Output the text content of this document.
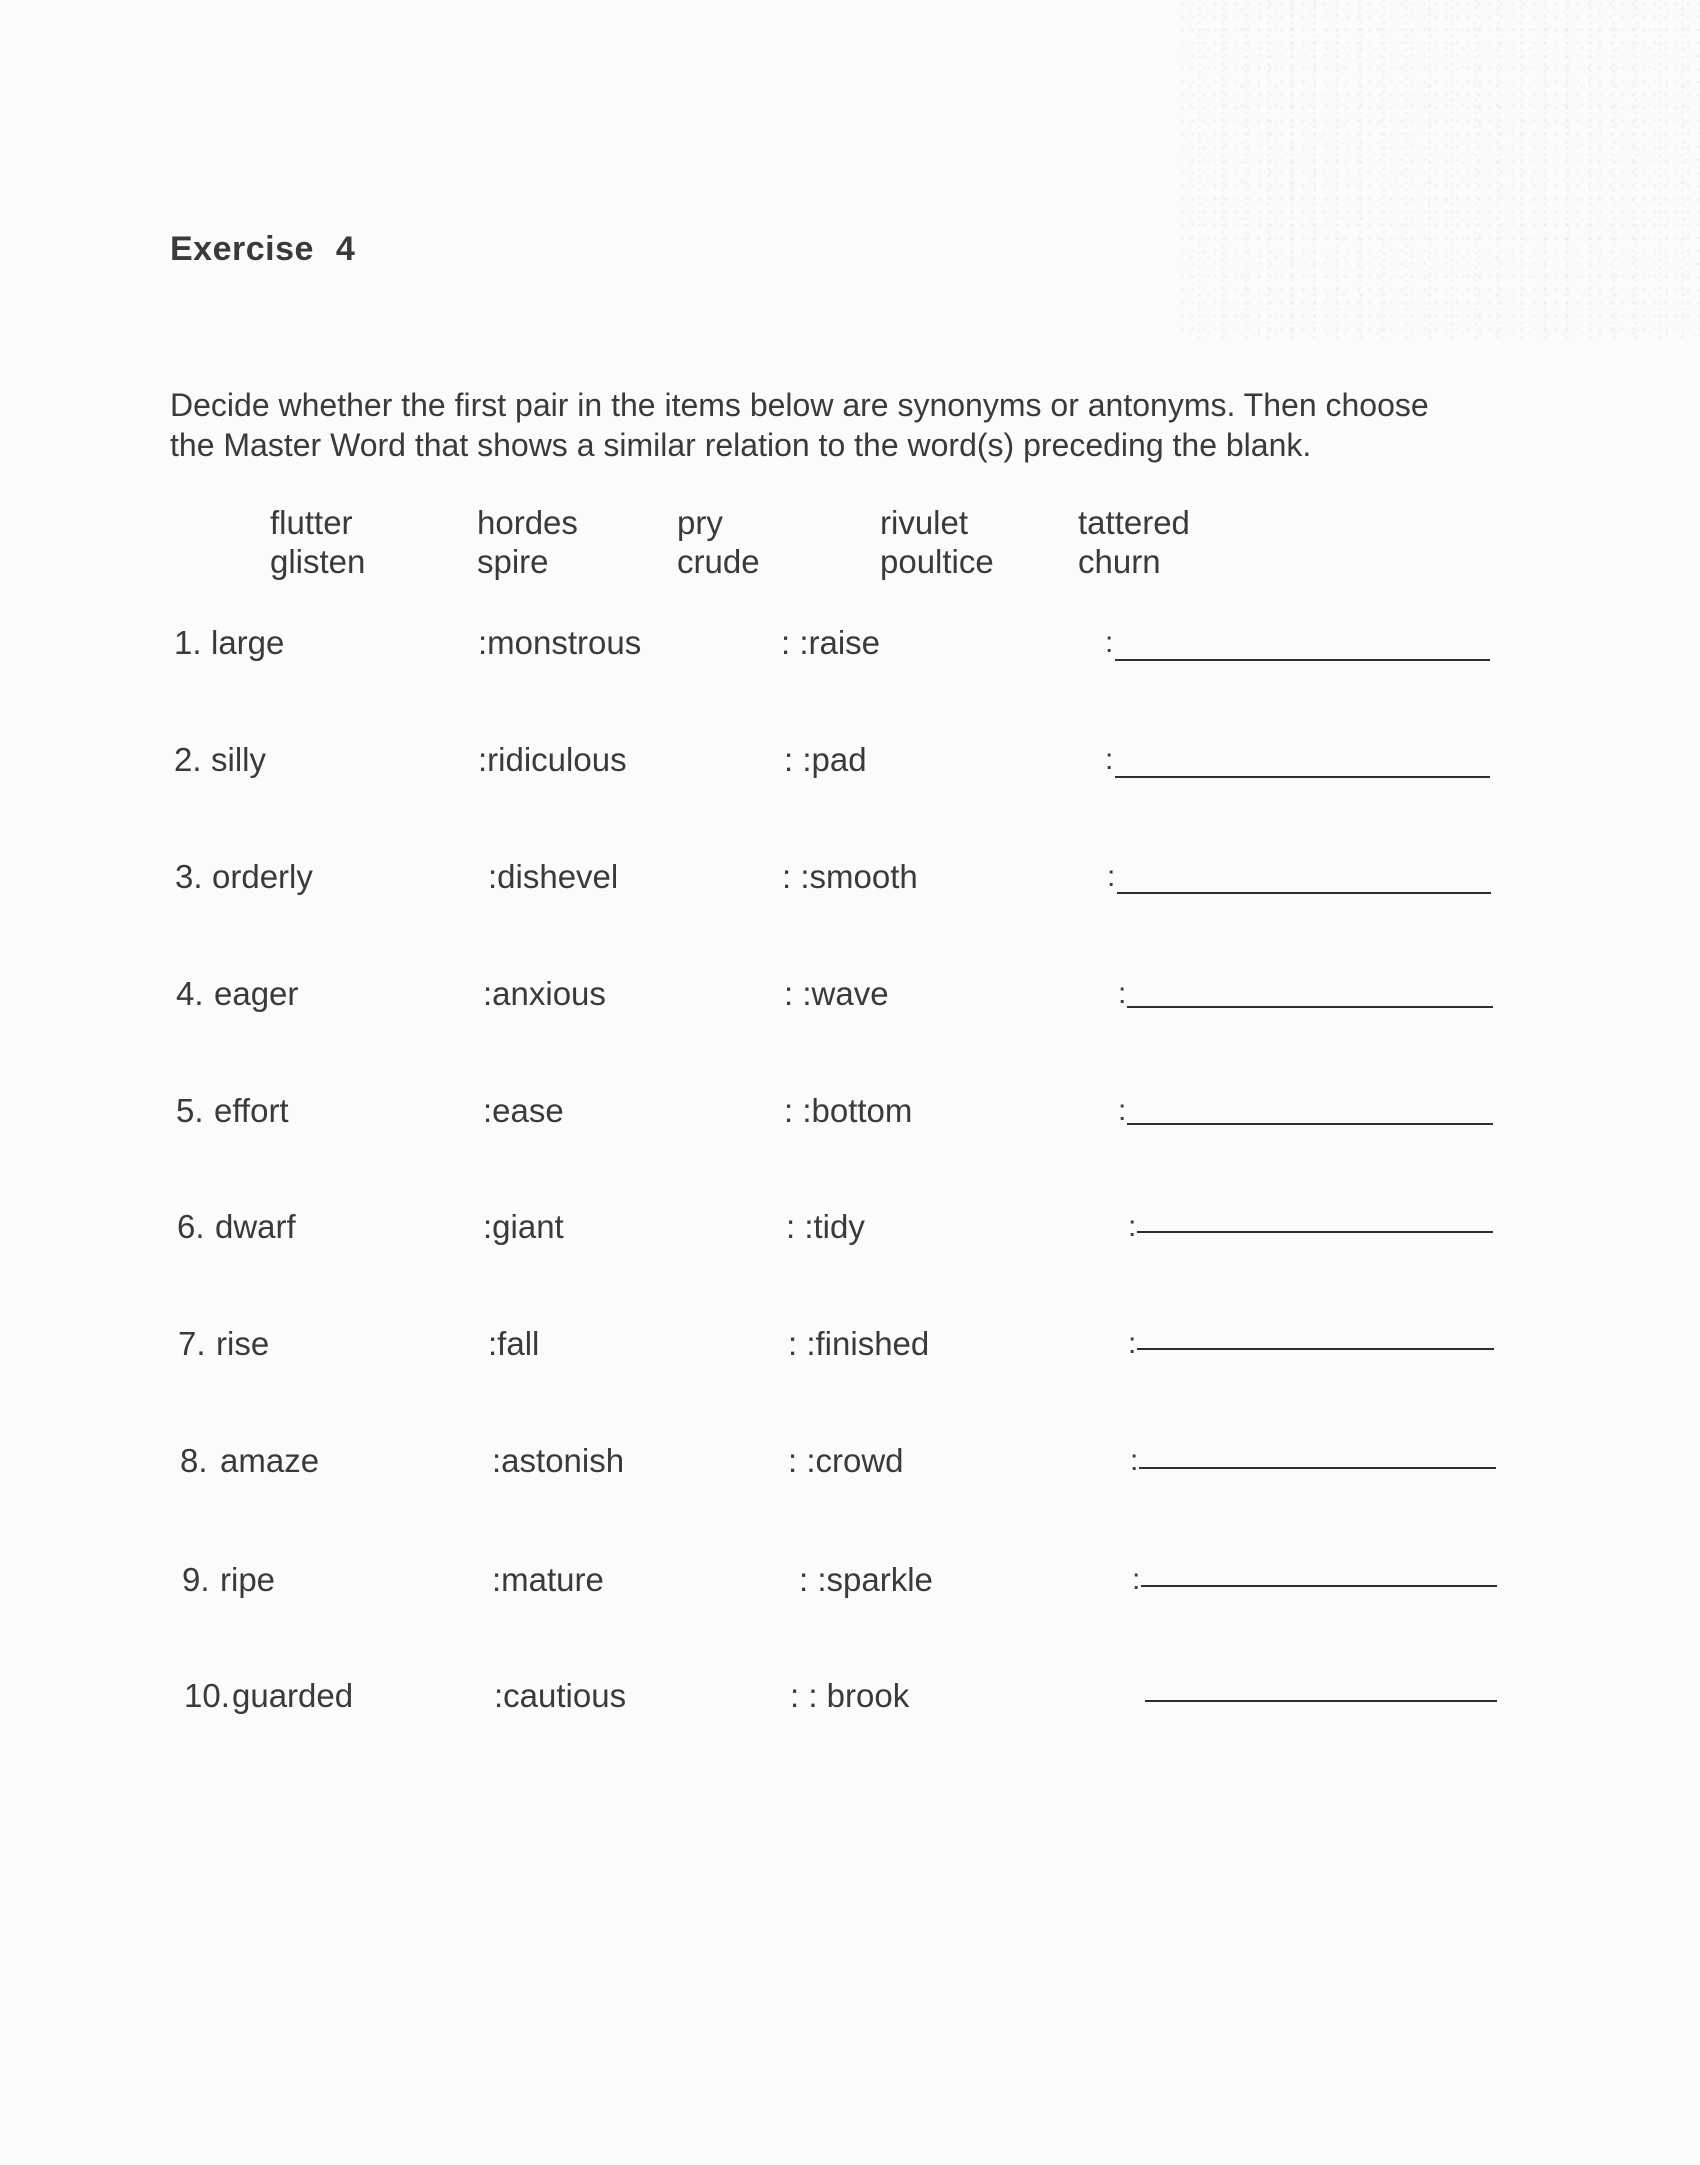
Exercise 4
Decide whether the first pair in the items below are synonyms or antonyms. Then choose the Master Word that shows a similar relation to the word(s) preceding the blank.
flutter	hordes	pry	rivulet	tattered
glisten	spire	crude	poultice	churn
1. large	:monstrous	: :raise	:
2. silly	:ridiculous	: :pad	:
3. orderly	:dishevel	: :smooth	:
4. eager	:anxious	: :wave	:
5. effort	:ease	: :bottom	:
6. dwarf	:giant	: :tidy	:
7. rise	:fall	: :finished	:
8. amaze	:astonish	: :crowd	:
9. ripe	:mature	: :sparkle	:
10. guarded	:cautious	: : brook
